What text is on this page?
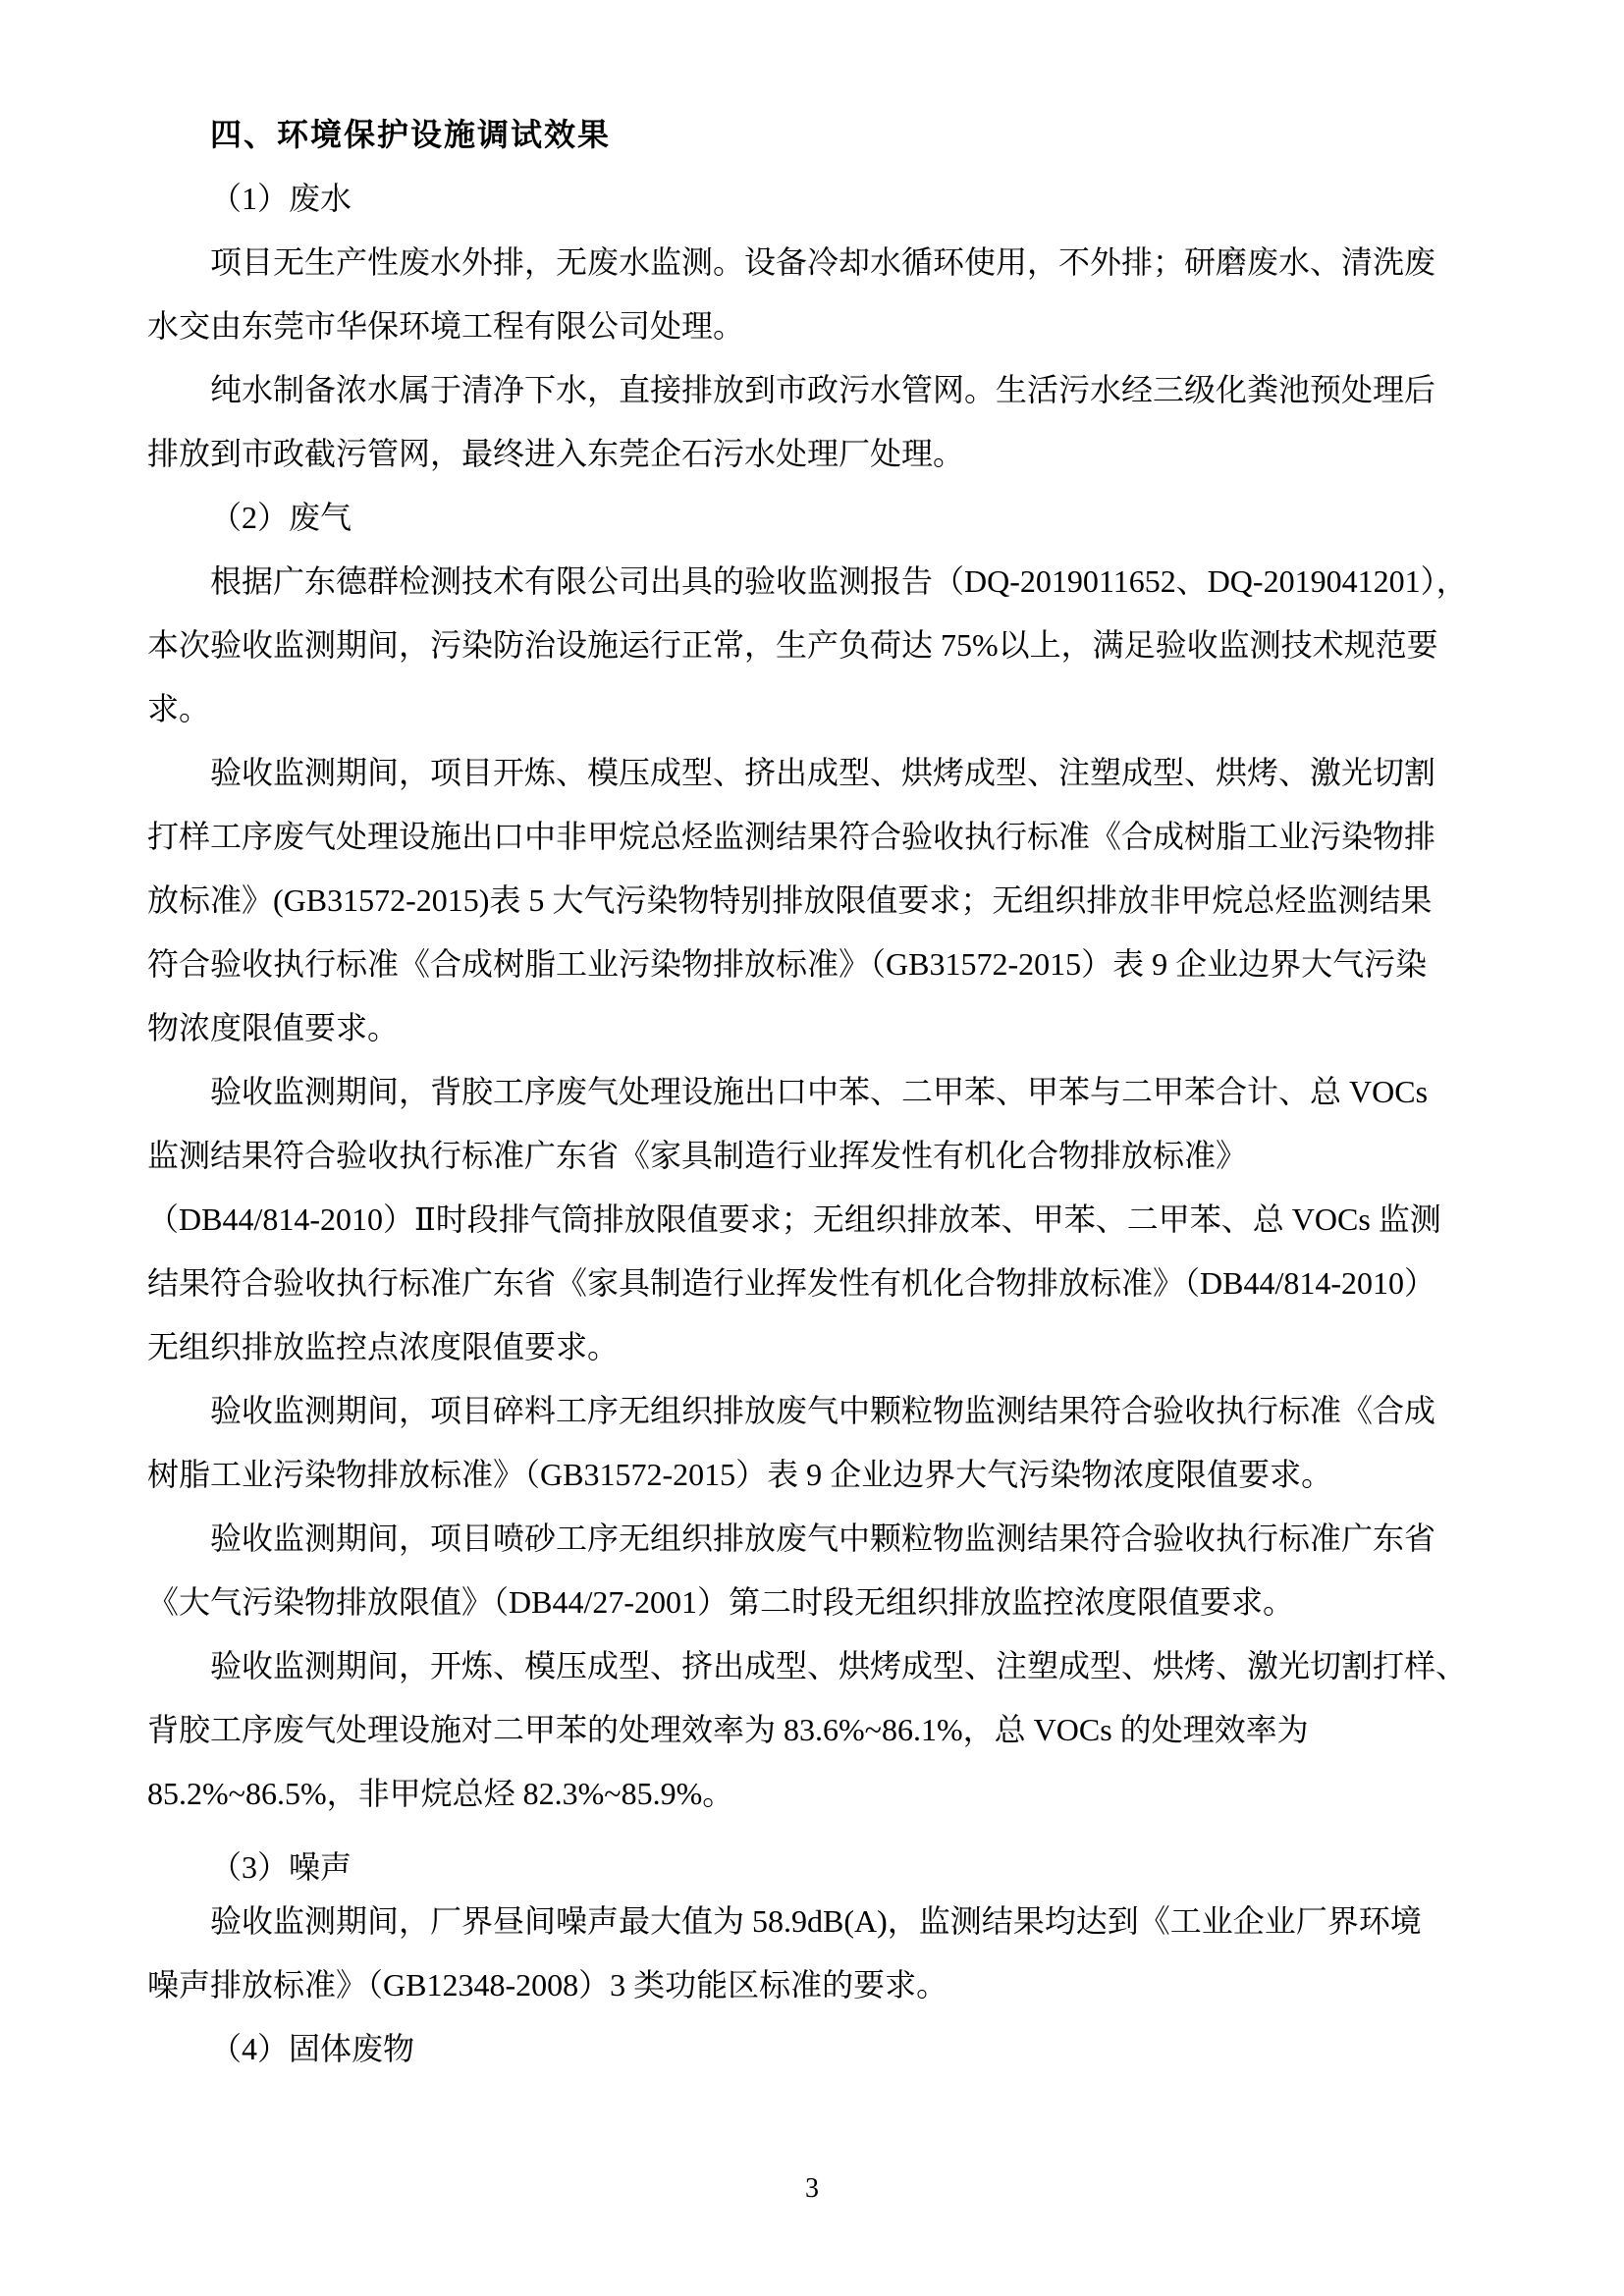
四、环境保护设施调试效果
（1）废水
项目无生产性废水外排，无废水监测。设备冷却水循环使用，不外排；研磨废水、清洗废
水交由东莞市华保环境工程有限公司处理。
纯水制备浓水属于清净下水，直接排放到市政污水管网。生活污水经三级化粪池预处理后
排放到市政截污管网，最终进入东莞企石污水处理厂处理。
（2）废气
根据广东德群检测技术有限公司出具的验收监测报告（DQ-2019011652、DQ-2019041201），
本次验收监测期间，污染防治设施运行正常，生产负荷达 75%以上，满足验收监测技术规范要
求。
验收监测期间，项目开炼、模压成型、挤出成型、烘烤成型、注塑成型、烘烤、激光切割
打样工序废气处理设施出口中非甲烷总烃监测结果符合验收执行标准《合成树脂工业污染物排
放标准》(GB31572-2015)表 5 大气污染物特别排放限值要求；无组织排放非甲烷总烃监测结果
符合验收执行标准《合成树脂工业污染物排放标准》（GB31572-2015）表 9 企业边界大气污染
物浓度限值要求。
验收监测期间，背胶工序废气处理设施出口中苯、二甲苯、甲苯与二甲苯合计、总 VOCs
监测结果符合验收执行标准广东省《家具制造行业挥发性有机化合物排放标准》
（DB44/814-2010）Ⅱ时段排气筒排放限值要求；无组织排放苯、甲苯、二甲苯、总 VOCs 监测
结果符合验收执行标准广东省《家具制造行业挥发性有机化合物排放标准》（DB44/814-2010）
无组织排放监控点浓度限值要求。
验收监测期间，项目碎料工序无组织排放废气中颗粒物监测结果符合验收执行标准《合成
树脂工业污染物排放标准》（GB31572-2015）表 9 企业边界大气污染物浓度限值要求。
验收监测期间，项目喷砂工序无组织排放废气中颗粒物监测结果符合验收执行标准广东省
《大气污染物排放限值》（DB44/27-2001）第二时段无组织排放监控浓度限值要求。
验收监测期间，开炼、模压成型、挤出成型、烘烤成型、注塑成型、烘烤、激光切割打样、
背胶工序废气处理设施对二甲苯的处理效率为 83.6%~86.1%，总 VOCs 的处理效率为
85.2%~86.5%，非甲烷总烃 82.3%~85.9%。
（3）噪声
验收监测期间，厂界昼间噪声最大值为 58.9dB(A)，监测结果均达到《工业企业厂界环境
噪声排放标准》（GB12348-2008）3 类功能区标准的要求。
（4）固体废物
3
